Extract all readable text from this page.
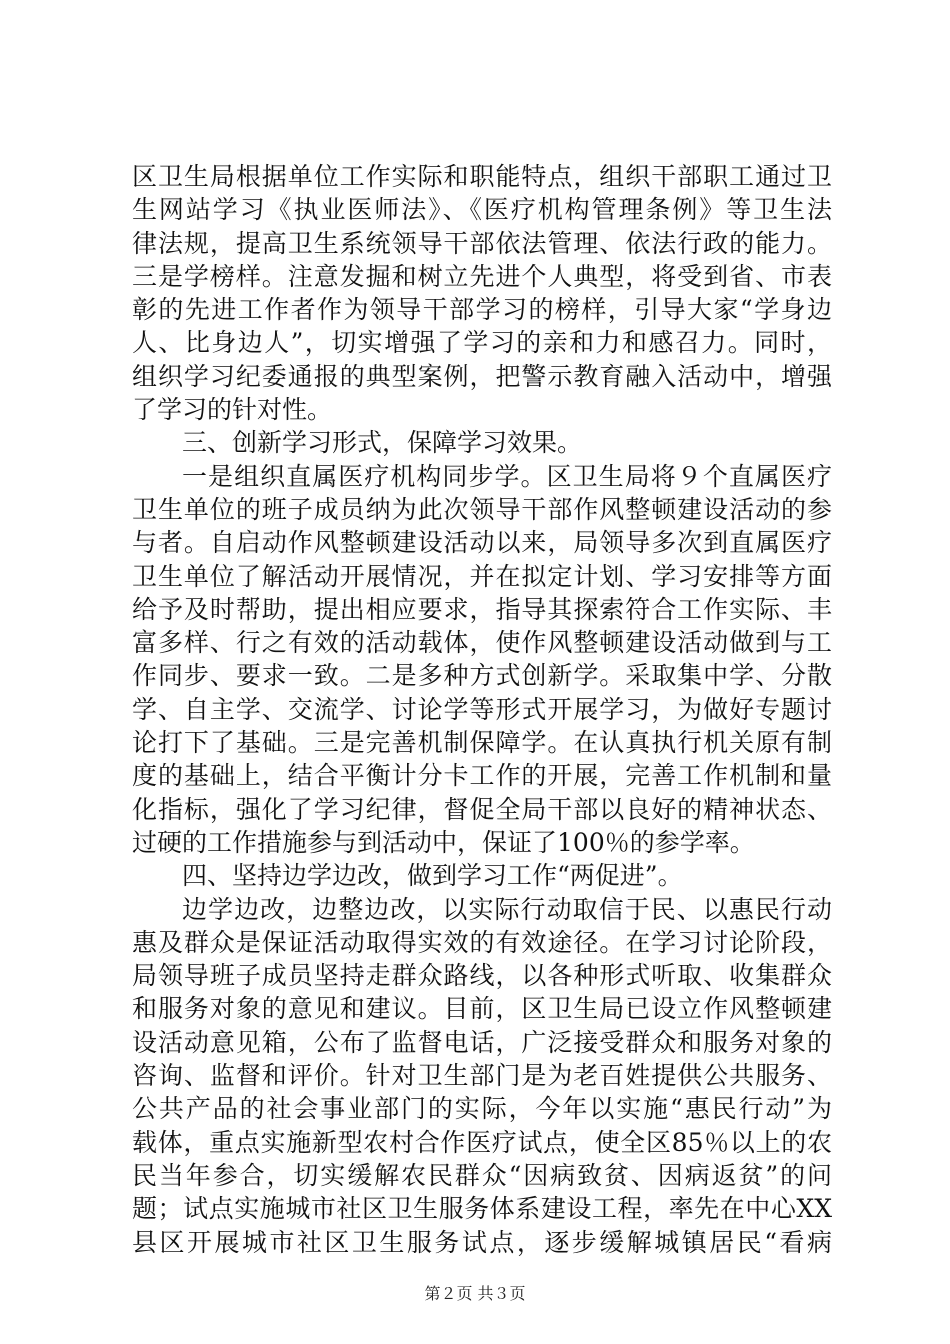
区卫生局根据单位工作实际和职能特点，组织干部职工通过卫
生网站学习《执业医师法》、《医疗机构管理条例》等卫生法
律法规，提高卫生系统领导干部依法管理、依法行政的能力。
三是学榜样。注意发掘和树立先进个人典型，将受到省、市表
彰的先进工作者作为领导干部学习的榜样，引导大家“学身边
人、比身边人”，切实增强了学习的亲和力和感召力。同时，
组织学习纪委通报的典型案例，把警示教育融入活动中，增强
了学习的针对性。
三、创新学习形式，保障学习效果。
一是组织直属医疗机构同步学。区卫生局将９个直属医疗
卫生单位的班子成员纳为此次领导干部作风整顿建设活动的参
与者。自启动作风整顿建设活动以来，局领导多次到直属医疗
卫生单位了解活动开展情况，并在拟定计划、学习安排等方面
给予及时帮助，提出相应要求，指导其探索符合工作实际、丰
富多样、行之有效的活动载体，使作风整顿建设活动做到与工
作同步、要求一致。二是多种方式创新学。采取集中学、分散
学、自主学、交流学、讨论学等形式开展学习，为做好专题讨
论打下了基础。三是完善机制保障学。在认真执行机关原有制
度的基础上，结合平衡计分卡工作的开展，完善工作机制和量
化指标，强化了学习纪律，督促全局干部以良好的精神状态、
过硬的工作措施参与到活动中，保证了100％的参学率。
四、坚持边学边改，做到学习工作“两促进”。
边学边改，边整边改，以实际行动取信于民、以惠民行动
惠及群众是保证活动取得实效的有效途径。在学习讨论阶段，
局领导班子成员坚持走群众路线，以各种形式听取、收集群众
和服务对象的意见和建议。目前，区卫生局已设立作风整顿建
设活动意见箱，公布了监督电话，广泛接受群众和服务对象的
咨询、监督和评价。针对卫生部门是为老百姓提供公共服务、
公共产品的社会事业部门的实际，今年以实施“惠民行动”为
载体，重点实施新型农村合作医疗试点，使全区85％以上的农
民当年参合，切实缓解农民群众“因病致贫、因病返贫”的问
题；试点实施城市社区卫生服务体系建设工程，率先在中心XX
县区开展城市社区卫生服务试点，逐步缓解城镇居民“看病
第２页 共３页
